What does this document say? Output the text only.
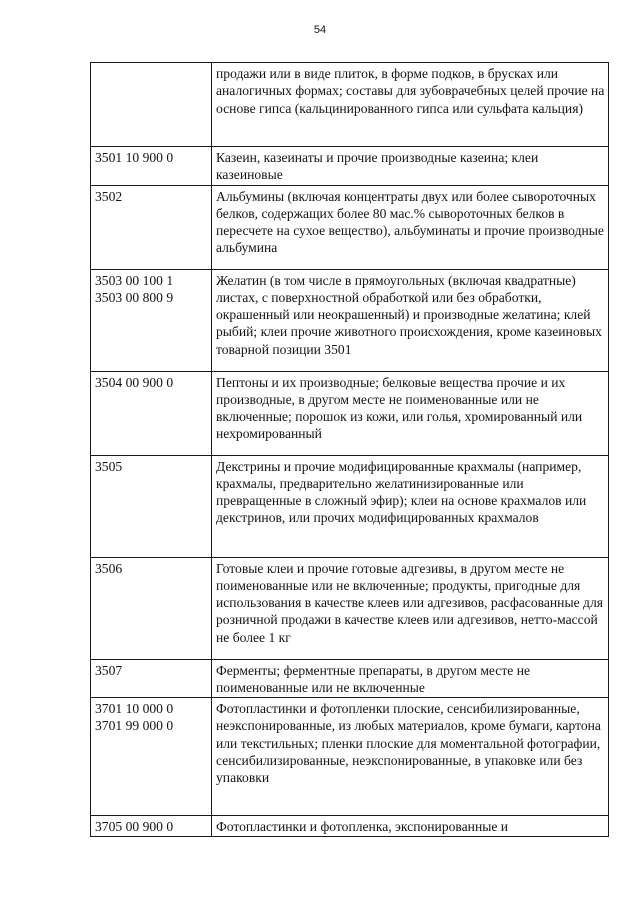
54
	продажи или в виде плиток, в форме подков, в брусках или аналогичных формах; составы для зубоврачебных целей прочие на основе гипса (кальцинированного гипса или сульфата кальция)

3501 10 900 0	Казеин, казеинаты и прочие производные казеина; клеи казеиновые

3502	Альбумины (включая концентраты двух или более сывороточных белков, содержащих более 80 мас.% сывороточных белков в пересчете на сухое вещество), альбуминаты и прочие производные альбумина

3503 00 100 1
3503 00 800 9	Желатин (в том числе в прямоугольных (включая квадратные) листах, с поверхностной обработкой или без обработки, окрашенный или неокрашенный) и производные желатина; клей рыбий; клеи прочие животного происхождения, кроме казеиновых товарной позиции 3501

3504 00 900 0	Пептоны и их производные; белковые вещества прочие и их производные, в другом месте не поименованные или не включенные; порошок из кожи, или голья, хромированный или нехромированный

3505	Декстрины и прочие модифицированные крахмалы (например, крахмалы, предварительно желатинизированные или превращенные в сложный эфир); клеи на основе крахмалов или декстринов, или прочих модифицированных крахмалов

3506	Готовые клеи и прочие готовые адгезивы, в другом месте не поименованные или не включенные; продукты, пригодные для использования в качестве клеев или адгезивов, расфасованные для розничной продажи в качестве клеев или адгезивов, нетто-массой не более 1 кг

3507	Ферменты; ферментные препараты, в другом месте не поименованные или не включенные

3701 10 000 0
3701 99 000 0	Фотопластинки и фотопленки плоские, сенсибилизированные, неэкспонированные, из любых материалов, кроме бумаги, картона или текстильных; пленки плоские для моментальной фотографии, сенсибилизированные, неэкспонированные, в упаковке или без упаковки

3705 00 900 0	Фотопластинки и фотопленка, экспонированные и
